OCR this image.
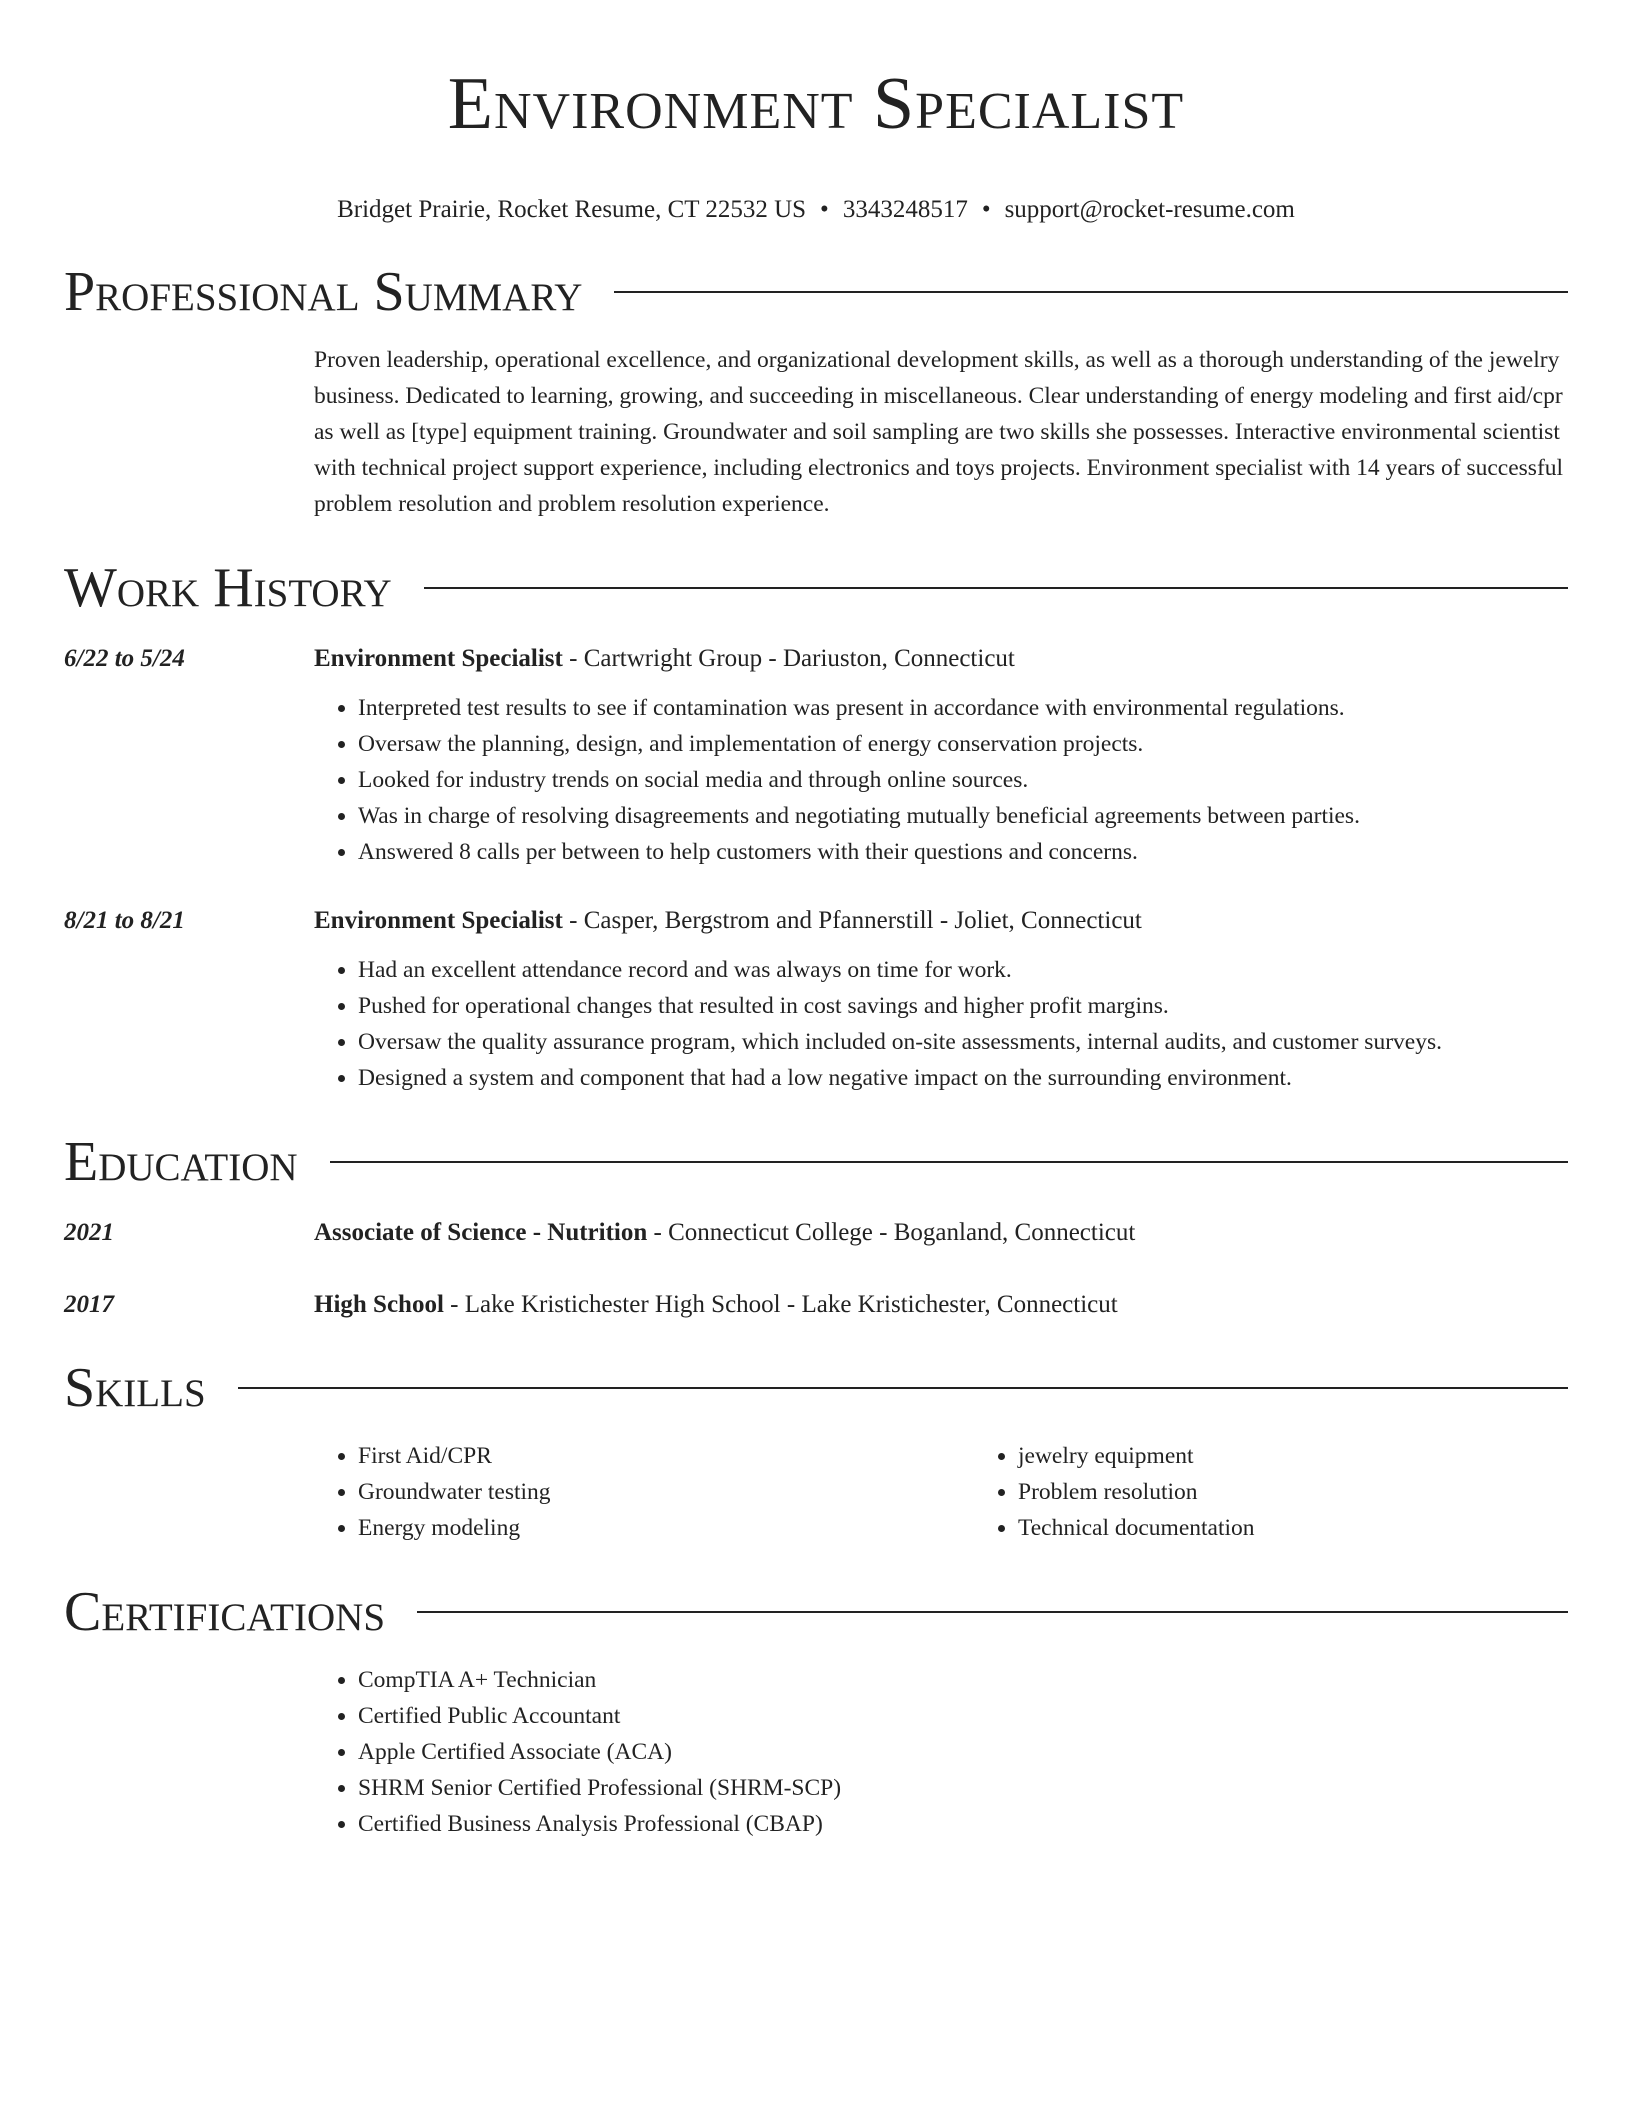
Environment Specialist
Bridget Prairie, Rocket Resume, CT 22532 US • 3343248517 • support@rocket-resume.com
Professional Summary
Proven leadership, operational excellence, and organizational development skills, as well as a thorough understanding of the jewelry business. Dedicated to learning, growing, and succeeding in miscellaneous. Clear understanding of energy modeling and first aid/cpr as well as [type] equipment training. Groundwater and soil sampling are two skills she possesses. Interactive environmental scientist with technical project support experience, including electronics and toys projects. Environment specialist with 14 years of successful problem resolution and problem resolution experience.
Work History
6/22 to 5/24	Environment Specialist - Cartwright Group - Dariuston, Connecticut
• Interpreted test results to see if contamination was present in accordance with environmental regulations.
• Oversaw the planning, design, and implementation of energy conservation projects.
• Looked for industry trends on social media and through online sources.
• Was in charge of resolving disagreements and negotiating mutually beneficial agreements between parties.
• Answered 8 calls per between to help customers with their questions and concerns.
8/21 to 8/21	Environment Specialist - Casper, Bergstrom and Pfannerstill - Joliet, Connecticut
• Had an excellent attendance record and was always on time for work.
• Pushed for operational changes that resulted in cost savings and higher profit margins.
• Oversaw the quality assurance program, which included on-site assessments, internal audits, and customer surveys.
• Designed a system and component that had a low negative impact on the surrounding environment.
Education
2021	Associate of Science - Nutrition - Connecticut College - Boganland, Connecticut
2017	High School - Lake Kristichester High School - Lake Kristichester, Connecticut
Skills
• First Aid/CPR
• Groundwater testing
• Energy modeling
• jewelry equipment
• Problem resolution
• Technical documentation
Certifications
• CompTIA A+ Technician
• Certified Public Accountant
• Apple Certified Associate (ACA)
• SHRM Senior Certified Professional (SHRM-SCP)
• Certified Business Analysis Professional (CBAP)
